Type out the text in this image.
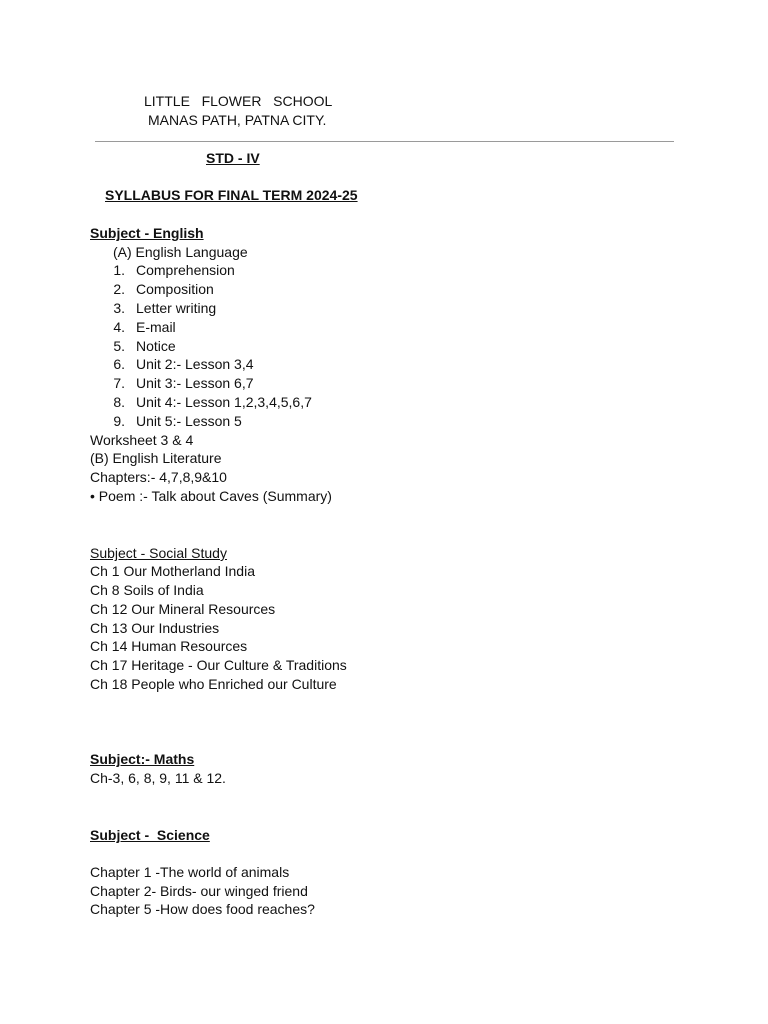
LITTLE   FLOWER   SCHOOL
MANAS PATH, PATNA CITY.
STD - IV
SYLLABUS FOR FINAL TERM 2024-25
Subject - English
(A) English Language
1. Comprehension
2. Composition
3. Letter writing
4. E-mail
5. Notice
6. Unit 2:- Lesson 3,4
7. Unit 3:- Lesson 6,7
8. Unit 4:- Lesson 1,2,3,4,5,6,7
9. Unit 5:- Lesson 5
Worksheet 3 & 4
(B) English Literature
Chapters:- 4,7,8,9&10
• Poem :- Talk about Caves (Summary)
Subject - Social Study
Ch 1 Our Motherland India
Ch 8 Soils of India
Ch 12 Our Mineral Resources
Ch 13 Our Industries
Ch 14 Human Resources
Ch 17 Heritage - Our Culture & Traditions
Ch 18 People who Enriched our Culture
Subject:- Maths
Ch-3, 6, 8, 9, 11 & 12.
Subject -  Science
Chapter 1 -The world of animals
Chapter 2- Birds- our winged friend
Chapter 5 -How does food reaches?
